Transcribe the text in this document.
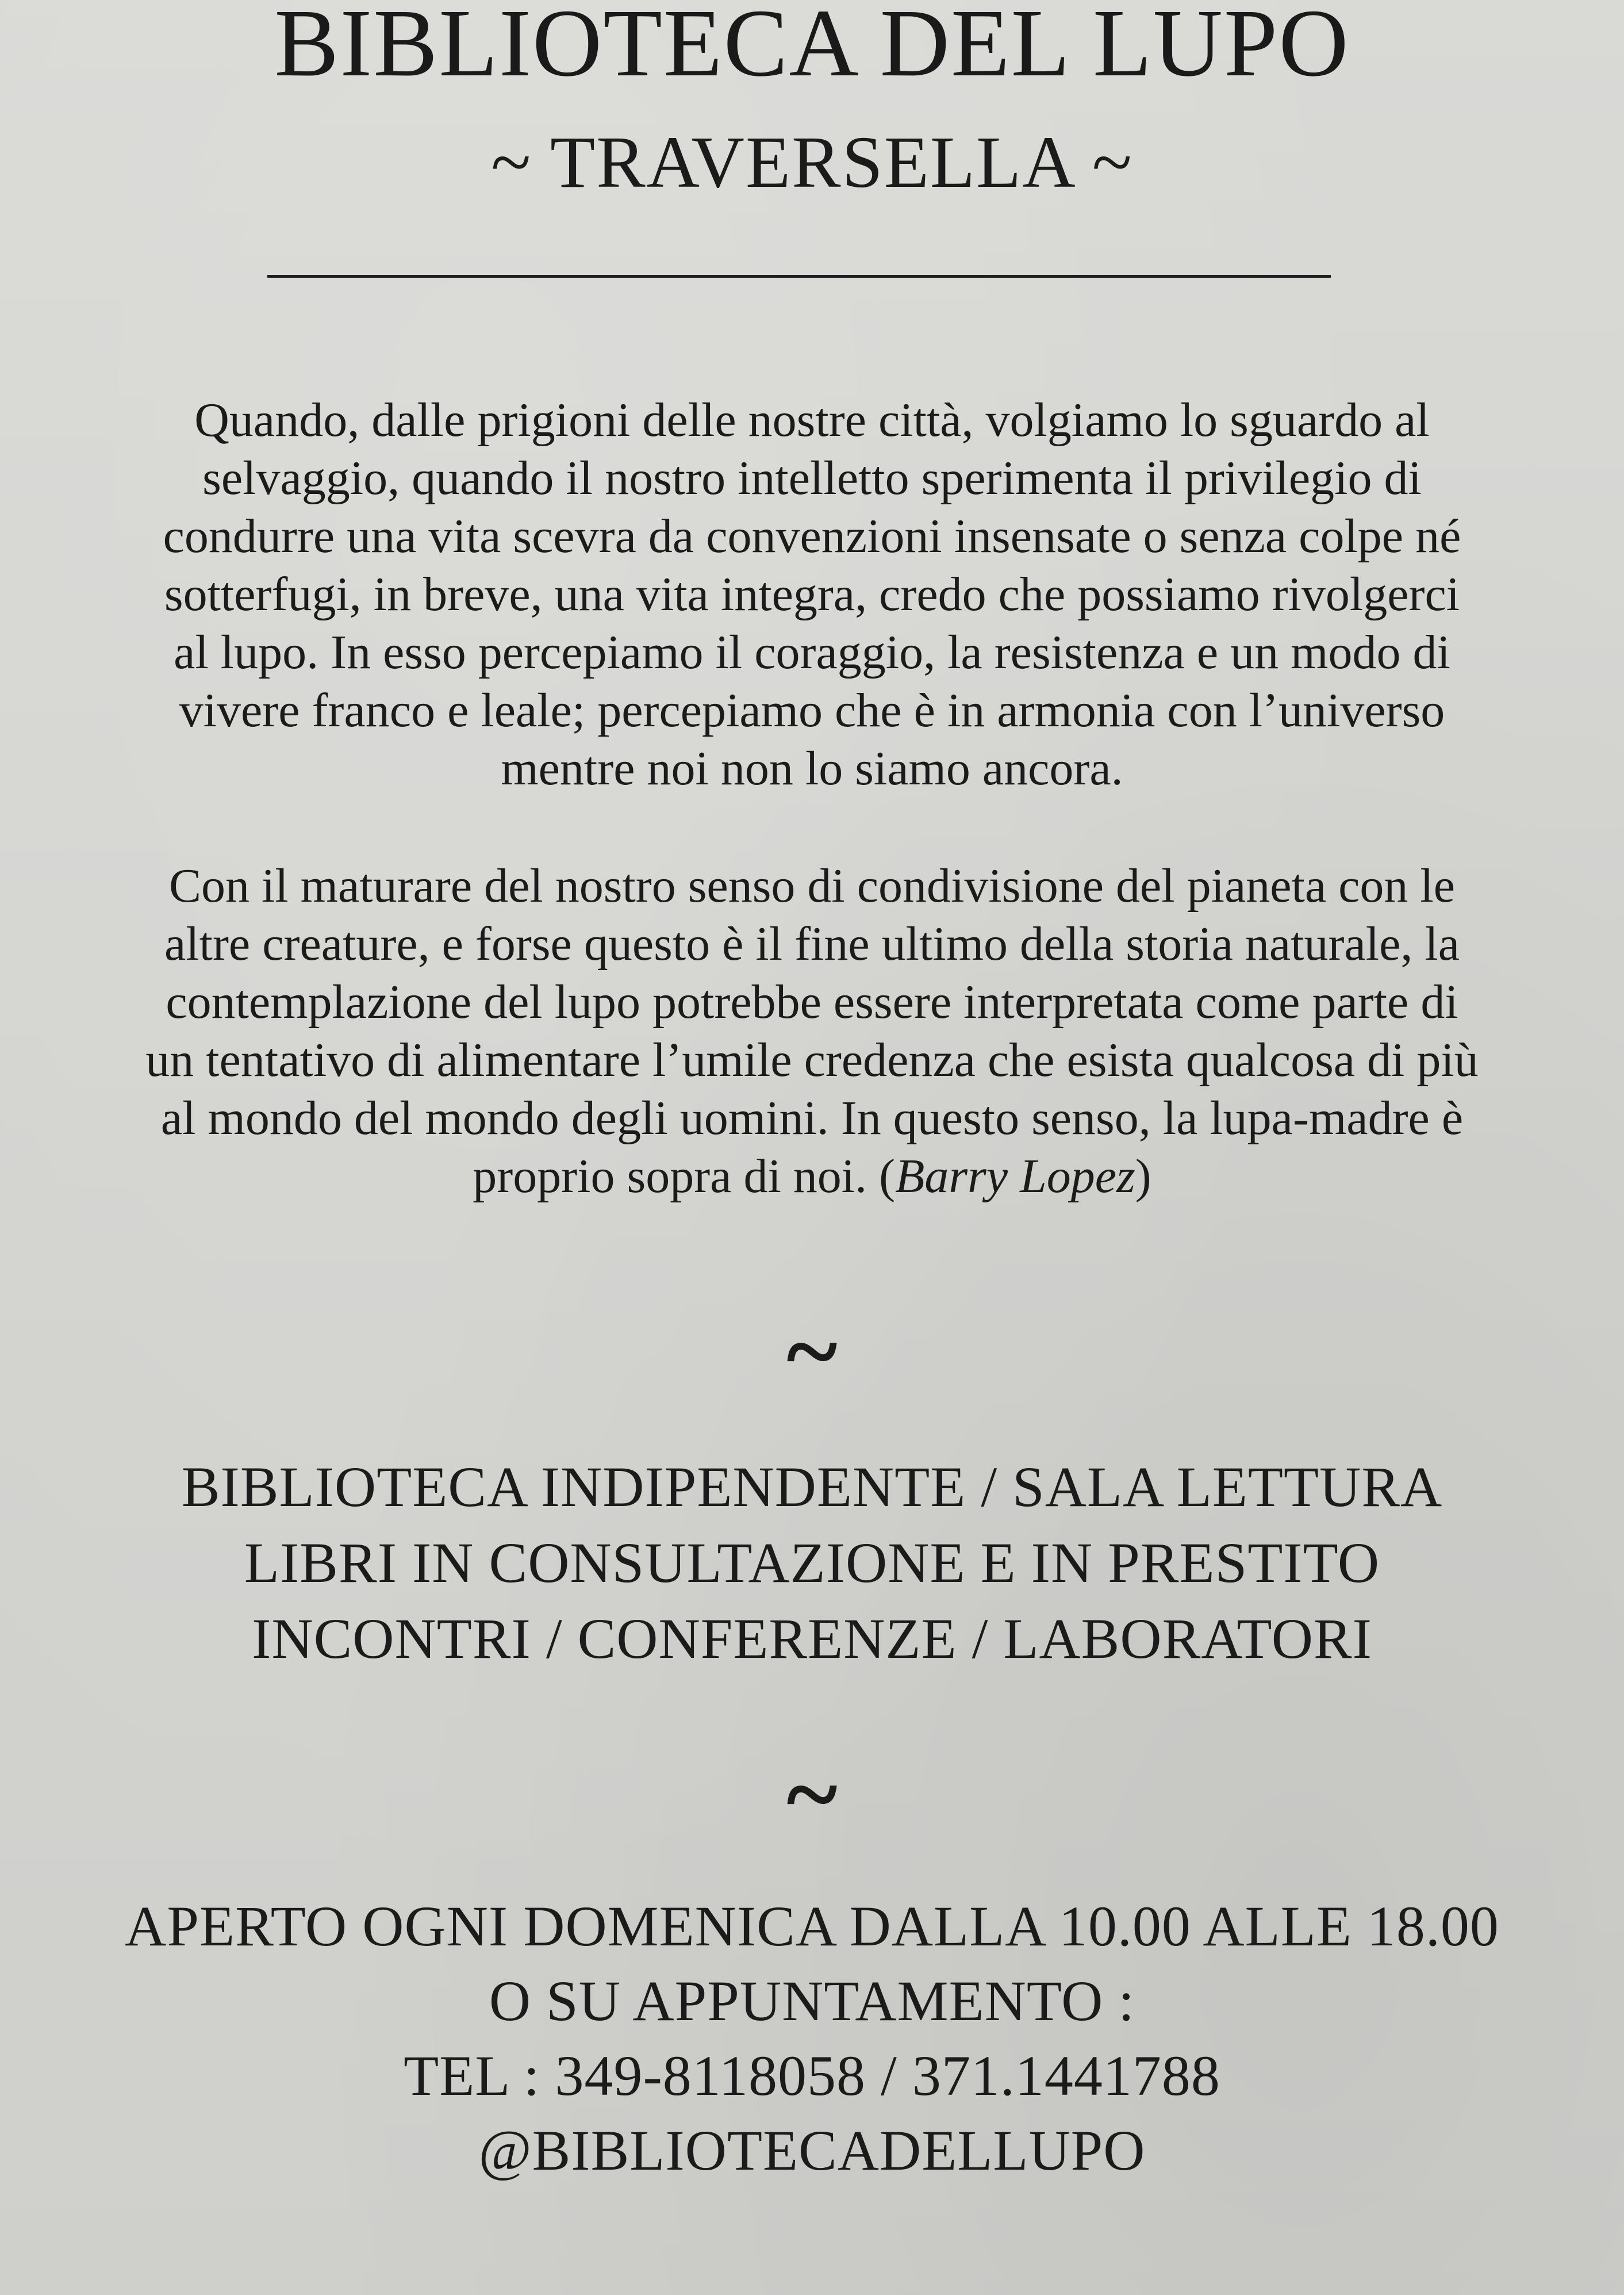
BIBLIOTECA DEL LUPO
~ TRAVERSELLA ~
Quando, dalle prigioni delle nostre città, volgiamo lo sguardo al
selvaggio, quando il nostro intelletto sperimenta il privilegio di
condurre una vita scevra da convenzioni insensate o senza colpe né
sotterfugi, in breve, una vita integra, credo che possiamo rivolgerci
al lupo. In esso percepiamo il coraggio, la resistenza e un modo di
vivere franco e leale; percepiamo che è in armonia con l’universo
mentre noi non lo siamo ancora.
Con il maturare del nostro senso di condivisione del pianeta con le
altre creature, e forse questo è il fine ultimo della storia naturale, la
contemplazione del lupo potrebbe essere interpretata come parte di
un tentativo di alimentare l’umile credenza che esista qualcosa di più
al mondo del mondo degli uomini. In questo senso, la lupa-madre è
proprio sopra di noi. (Barry Lopez)
~
BIBLIOTECA INDIPENDENTE / SALA LETTURA
LIBRI IN CONSULTAZIONE E IN PRESTITO
INCONTRI / CONFERENZE / LABORATORI
~
APERTO OGNI DOMENICA DALLA 10.00 ALLE 18.00
O SU APPUNTAMENTO :
TEL : 349-8118058 / 371.1441788
@BIBLIOTECADELLUPO
